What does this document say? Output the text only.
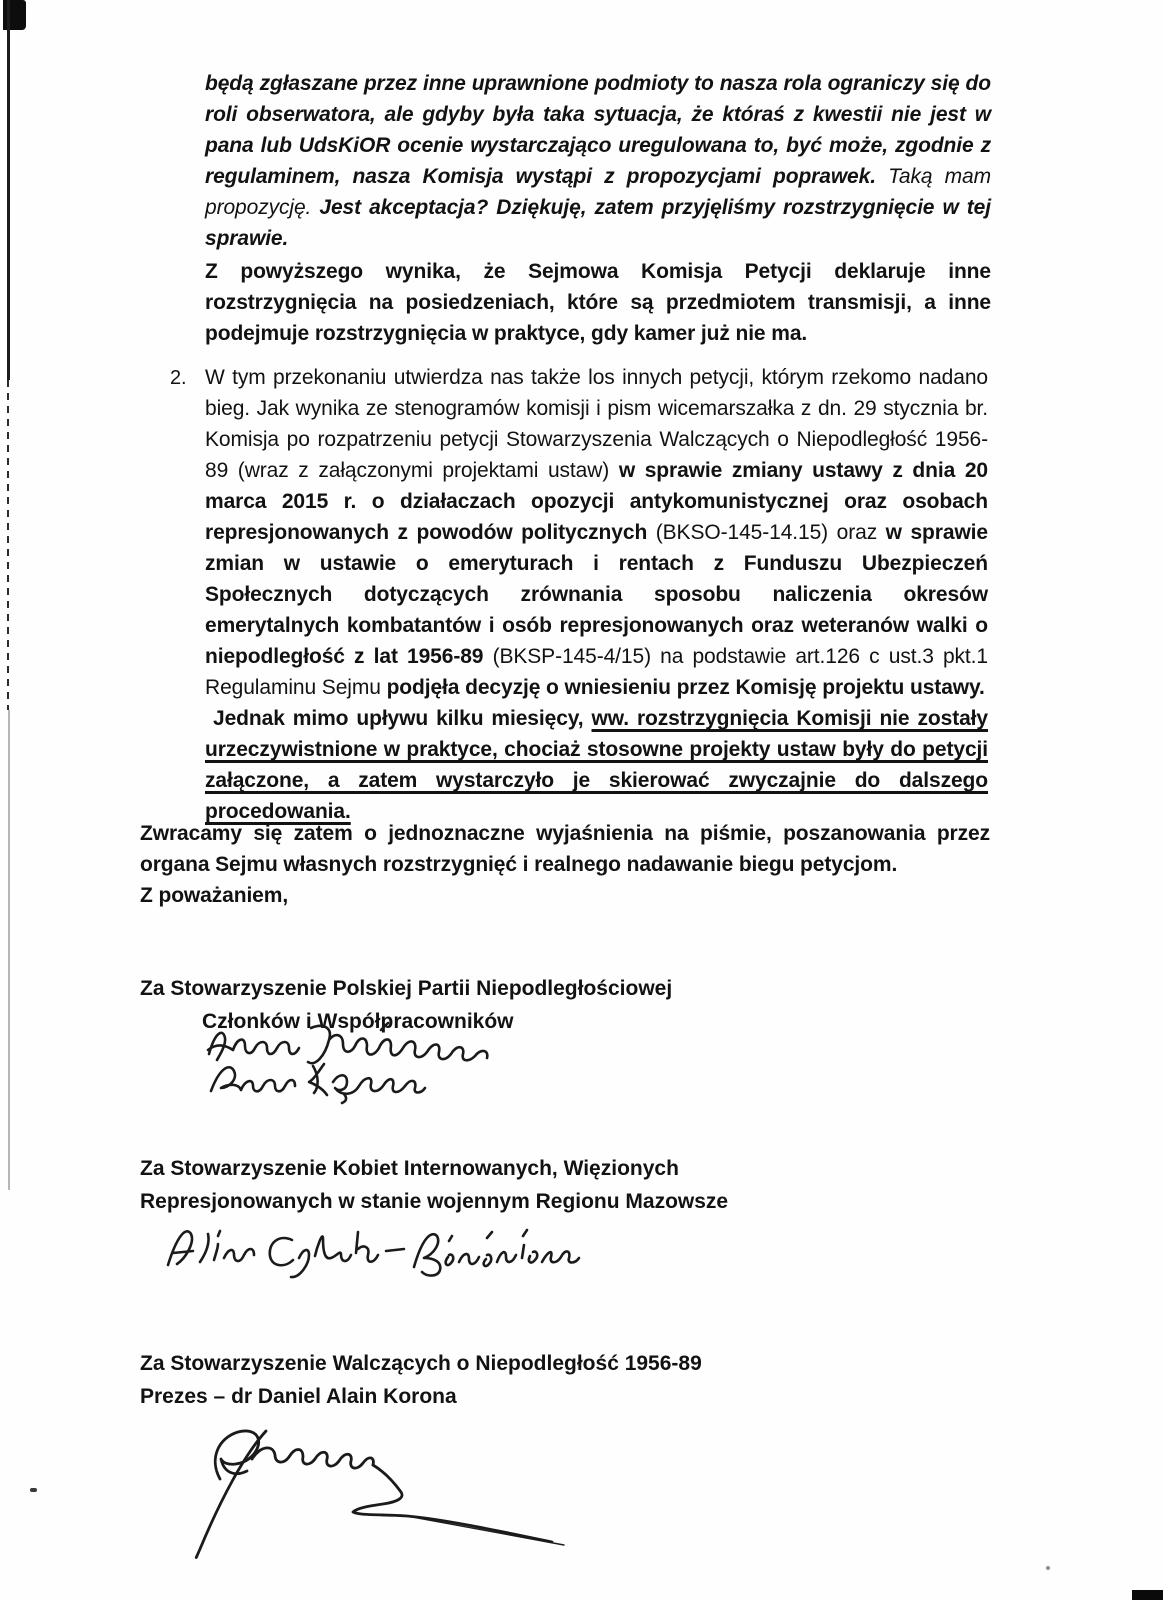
będą zgłaszane przez inne uprawnione podmioty to nasza rola ograniczy się do roli obserwatora, ale gdyby była taka sytuacja, że któraś z kwestii nie jest w pana lub UdsKiOR ocenie wystarczająco uregulowana to, być może, zgodnie z regulaminem, nasza Komisja wystąpi z propozycjami poprawek. Taką mam propozycję. Jest akceptacja? Dziękuję, zatem przyjęliśmy rozstrzygnięcie w tej sprawie.

Z powyższego wynika, że Sejmowa Komisja Petycji deklaruje inne rozstrzygnięcia na posiedzeniach, które są przedmiotem transmisji, a inne podejmuje rozstrzygnięcia w praktyce, gdy kamer już nie ma.

2. W tym przekonaniu utwierdza nas także los innych petycji, którym rzekomo nadano bieg. Jak wynika ze stenogramów komisji i pism wicemarszałka z dn. 29 stycznia br. Komisja po rozpatrzeniu petycji Stowarzyszenia Walczących o Niepodległość 1956-89 (wraz z załączonymi projektami ustaw) w sprawie zmiany ustawy z dnia 20 marca 2015 r. o działaczach opozycji antykomunistycznej oraz osobach represjonowanych z powodów politycznych (BKSO-145-14.15) oraz w sprawie zmian w ustawie o emeryturach i rentach z Funduszu Ubezpieczeń Społecznych dotyczących zrównania sposobu naliczenia okresów emerytalnych kombatantów i osób represjonowanych oraz weteranów walki o niepodległość z lat 1956-89 (BKSP-145-4/15) na podstawie art.126 c ust.3 pkt.1 Regulaminu Sejmu podjęła decyzję o wniesieniu przez Komisję projektu ustawy.

Jednak mimo upływu kilku miesięcy, ww. rozstrzygnięcia Komisji nie zostały urzeczywistnione w praktyce, chociaż stosowne projekty ustaw były do petycji załączone, a zatem wystarczyło je skierować zwyczajnie do dalszego procedowania.

Zwracamy się zatem o jednoznaczne wyjaśnienia na piśmie, poszanowania przez organa Sejmu własnych rozstrzygnięć i realnego nadawanie biegu petycjom.

Z poważaniem,

Za Stowarzyszenie Polskiej Partii Niepodległościowej

Członków i Współpracowników

Za Stowarzyszenie Kobiet Internowanych, Więzionych

Represjonowanych w stanie wojennym Regionu Mazowsze

Za Stowarzyszenie Walczących o Niepodległość 1956-89

Prezes – dr Daniel Alain Korona
